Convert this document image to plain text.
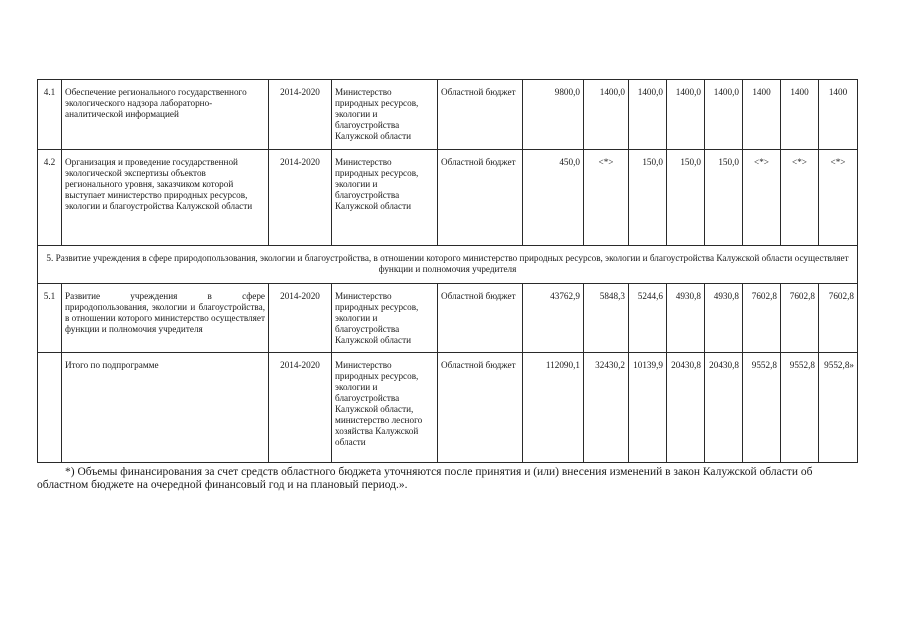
4.1	Обеспечение регионального государственного экологического надзора лабораторно-аналитической информацией	2014-2020	Министерство природных ресурсов, экологии и благоустройства Калужской области	Областной бюджет	9800,0	1400,0	1400,0	1400,0	1400,0	1400	1400	1400
4.2	Организация и проведение государственной экологической экспертизы объектов регионального уровня, заказчиком которой выступает министерство природных ресурсов, экологии и благоустройства Калужской области	2014-2020	Министерство природных ресурсов, экологии и благоустройства Калужской области	Областной бюджет	450,0	<*>	150,0	150,0	150,0	<*>	<*>	<*>
5. Развитие учреждения в сфере природопользования, экологии и благоустройства, в отношении которого министерство природных ресурсов, экологии и благоустройства Калужской области осуществляет функции и полномочия учредителя												
5.1	Развитие учреждения в сфере природопользования, экологии и благоустройства, в отношении которого министерство осуществляет функции и полномочия учредителя	2014-2020	Министерство природных ресурсов, экологии и благоустройства Калужской области	Областной бюджет	43762,9	5848,3	5244,6	4930,8	4930,8	7602,8	7602,8	7602,8
	Итого по подпрограмме	2014-2020	Министерство природных ресурсов, экологии и благоустройства Калужской области, министерство лесного хозяйства Калужской области	Областной бюджет	112090,1	32430,2	10139,9	20430,8	20430,8	9552,8	9552,8	9552,8»
*) Объемы финансирования за счет средств областного бюджета уточняются после принятия и (или) внесения изменений в закон Калужской области об областном бюджете на очередной финансовый год и на плановый период.».
